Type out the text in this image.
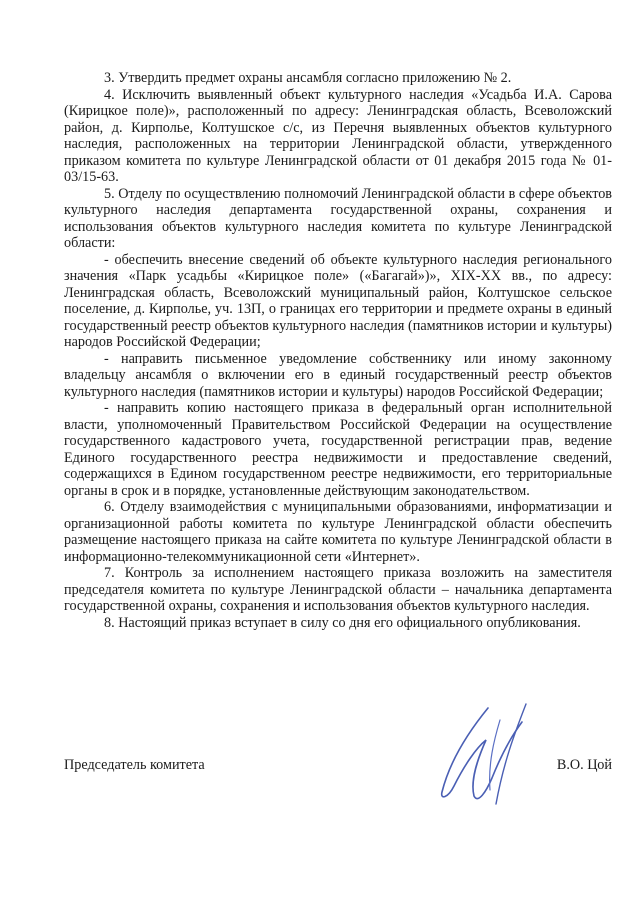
3. Утвердить предмет охраны ансамбля согласно приложению № 2.

4. Исключить выявленный объект культурного наследия «Усадьба И.А. Сарова (Кирицкое поле)», расположенный по адресу: Ленинградская область, Всеволожский район, д. Кирполье, Колтушское с/с, из Перечня выявленных объектов культурного наследия, расположенных на территории Ленинградской области, утвержденного приказом комитета по культуре Ленинградской области от 01 декабря 2015 года № 01-03/15-63.

5. Отделу по осуществлению полномочий Ленинградской области в сфере объектов культурного наследия департамента государственной охраны, сохранения и использования объектов культурного наследия комитета по культуре Ленинградской области:

- обеспечить внесение сведений об объекте культурного наследия регионального значения «Парк усадьбы «Кирицкое поле» («Багагай»)», XIX-XX вв., по адресу: Ленинградская область, Всеволожский муниципальный район, Колтушское сельское поселение, д. Кирполье, уч. 13П, о границах его территории и предмете охраны в единый государственный реестр объектов культурного наследия (памятников истории и культуры) народов Российской Федерации;

- направить письменное уведомление собственнику или иному законному владельцу ансамбля о включении его в единый государственный реестр объектов культурного наследия (памятников истории и культуры) народов Российской Федерации;

- направить копию настоящего приказа в федеральный орган исполнительной власти, уполномоченный Правительством Российской Федерации на осуществление государственного кадастрового учета, государственной регистрации прав, ведение Единого государственного реестра недвижимости и предоставление сведений, содержащихся в Едином государственном реестре недвижимости, его территориальные органы в срок и в порядке, установленные действующим законодательством.

6. Отделу взаимодействия с муниципальными образованиями, информатизации и организационной работы комитета по культуре Ленинградской области обеспечить размещение настоящего приказа на сайте комитета по культуре Ленинградской области в информационно-телекоммуникационной сети «Интернет».

7. Контроль за исполнением настоящего приказа возложить на заместителя председателя комитета по культуре Ленинградской области – начальника департамента государственной охраны, сохранения и использования объектов культурного наследия.

8. Настоящий приказ вступает в силу со дня его официального опубликования.

Председатель комитета	В.О. Цой
